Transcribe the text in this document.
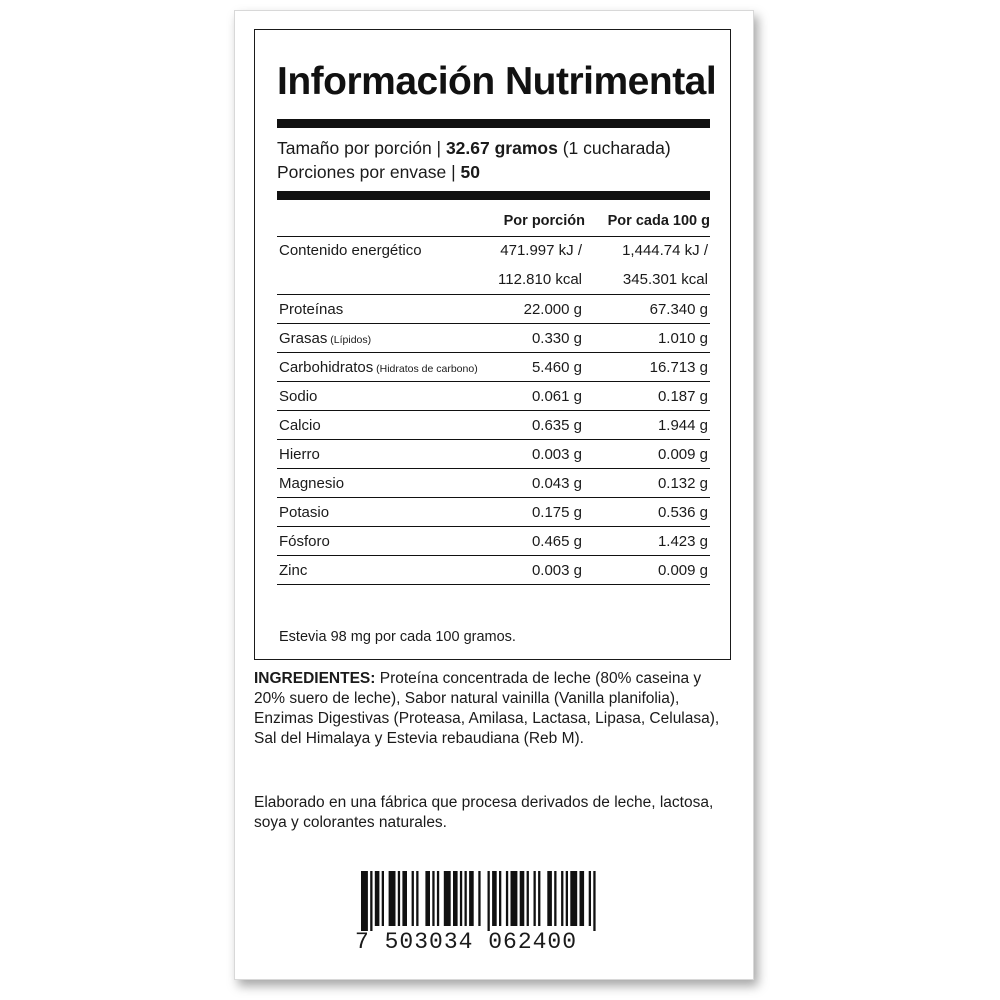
Información Nutrimental
Tamaño por porción | 32.67 gramos (1 cucharada)
Porciones por envase | 50
Por porción Por cada 100 g
Contenido energético	471.997 kJ /	1,444.74 kJ /
112.810 kcal	345.301 kcal
Proteínas	22.000 g	67.340 g
Grasas (Lípidos)	0.330 g	1.010 g
Carbohidratos (Hidratos de carbono)	5.460 g	16.713 g
Sodio	0.061 g	0.187 g
Calcio	0.635 g	1.944 g
Hierro	0.003 g	0.009 g
Magnesio	0.043 g	0.132 g
Potasio	0.175 g	0.536 g
Fósforo	0.465 g	1.423 g
Zinc	0.003 g	0.009 g
Estevia 98 mg por cada 100 gramos.
INGREDIENTES: Proteína concentrada de leche (80% caseina y 20% suero de leche), Sabor natural vainilla (Vanilla planifolia), Enzimas Digestivas (Proteasa, Amilasa, Lactasa, Lipasa, Celulasa), Sal del Himalaya y Estevia rebaudiana (Reb M).
Elaborado en una fábrica que procesa derivados de leche, lactosa, soya y colorantes naturales.
7 503034 062400
